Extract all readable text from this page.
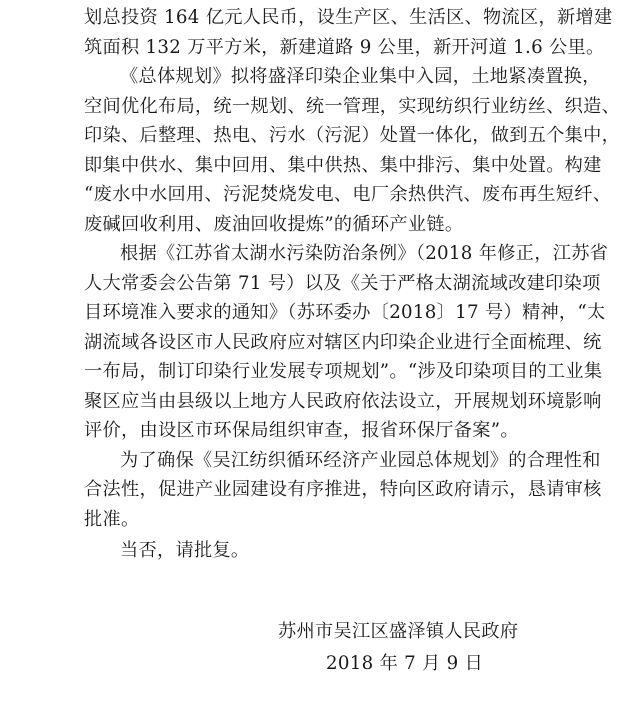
划总投资 164 亿元人民币，设生产区、生活区、物流区，新增建
筑面积 132 万平方米，新建道路 9 公里，新开河道 1.6 公里。
《总体规划》拟将盛泽印染企业集中入园，土地紧凑置换，
空间优化布局，统一规划、统一管理，实现纺织行业纺丝、织造、
印染、后整理、热电、污水（污泥）处置一体化，做到五个集中，
即集中供水、集中回用、集中供热、集中排污、集中处置。构建
“废水中水回用、污泥焚烧发电、电厂余热供汽、废布再生短纤、
废碱回收利用、废油回收提炼”的循环产业链。
根据《江苏省太湖水污染防治条例》（2018 年修正，江苏省
人大常委会公告第 71 号）以及《关于严格太湖流域改建印染项
目环境准入要求的通知》（苏环委办〔2018〕17 号）精神，“太
湖流域各设区市人民政府应对辖区内印染企业进行全面梳理、统
一布局，制订印染行业发展专项规划”。“涉及印染项目的工业集
聚区应当由县级以上地方人民政府依法设立，开展规划环境影响
评价，由设区市环保局组织审查，报省环保厅备案”。
为了确保《吴江纺织循环经济产业园总体规划》的合理性和
合法性，促进产业园建设有序推进，特向区政府请示，恳请审核
批准。
当否，请批复。
苏州市吴江区盛泽镇人民政府
2018 年 7 月 9 日
